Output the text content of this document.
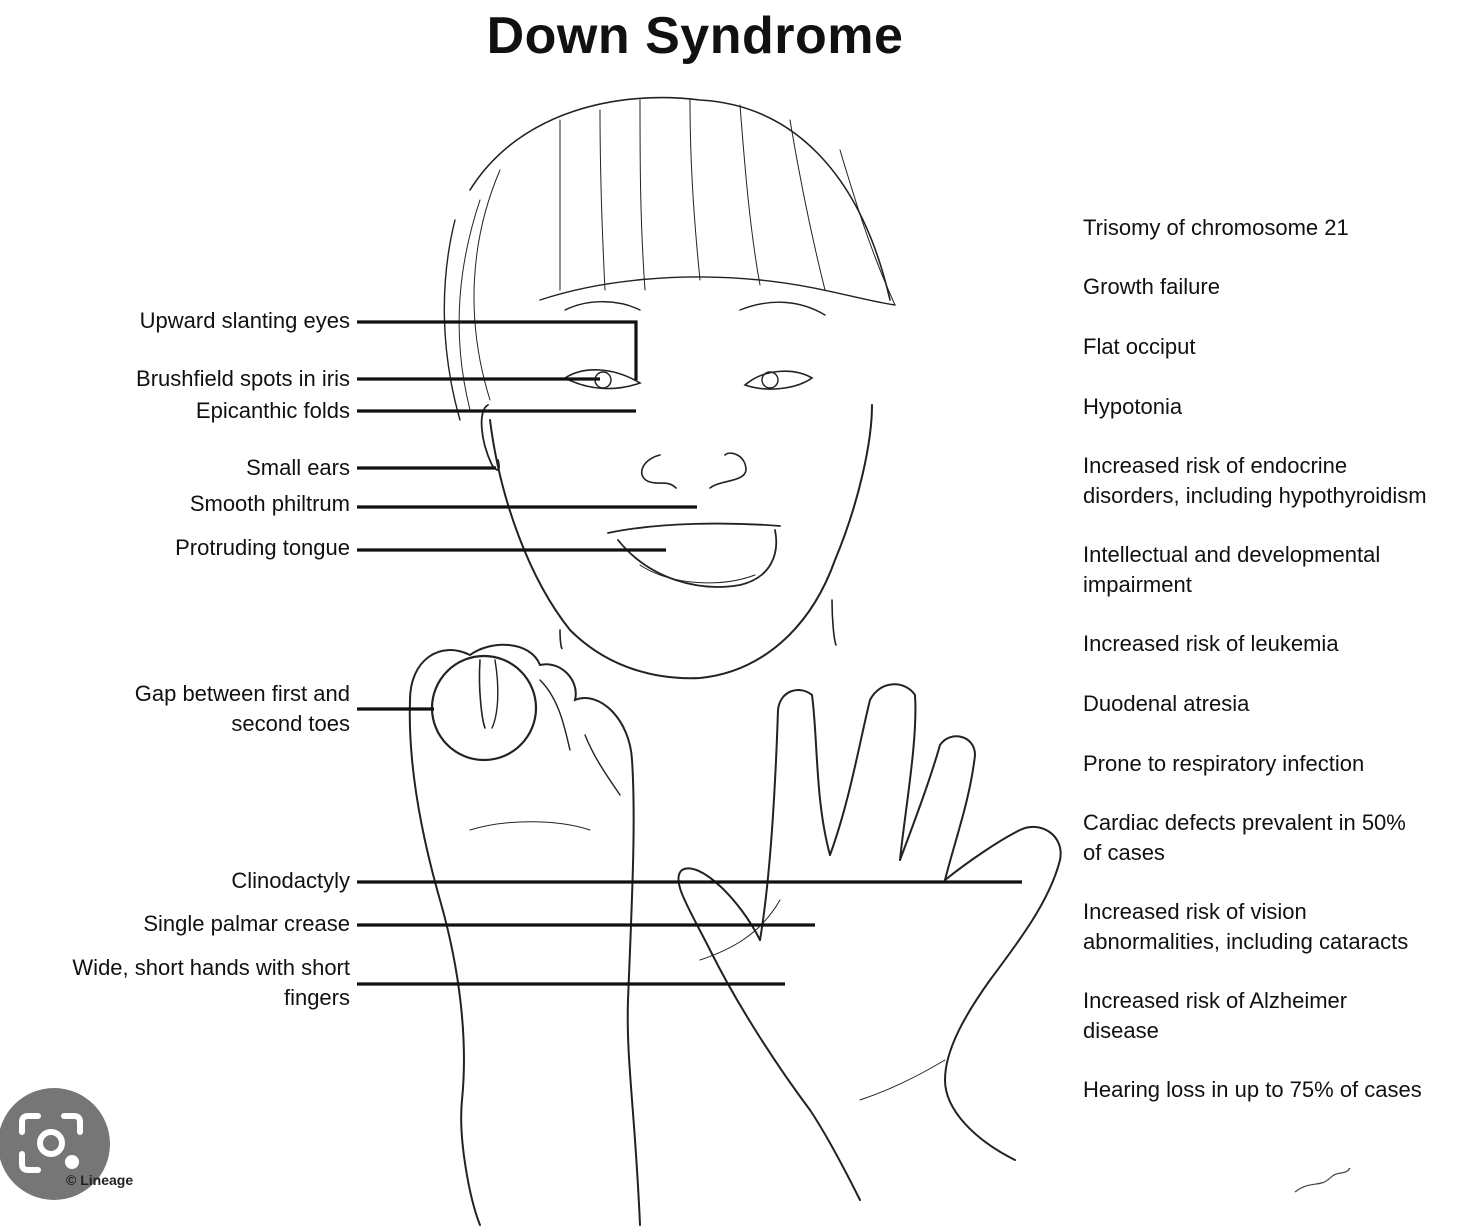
Down Syndrome
Upward slanting eyes
Brushfield spots in iris
Epicanthic folds
Small ears
Smooth philtrum
Protruding tongue
Gap between first and
second toes
Clinodactyly
Single palmar crease
Wide, short hands with short
fingers
Trisomy of chromosome 21
Growth failure
Flat occiput
Hypotonia
Increased risk of endocrine
disorders, including hypothyroidism
Intellectual and developmental
impairment
Increased risk of leukemia
Duodenal atresia
Prone to respiratory infection
Cardiac defects prevalent in 50%
of cases
Increased risk of vision
abnormalities, including cataracts
Increased risk of Alzheimer
disease
Hearing loss in up to 75% of cases
© Lineage
